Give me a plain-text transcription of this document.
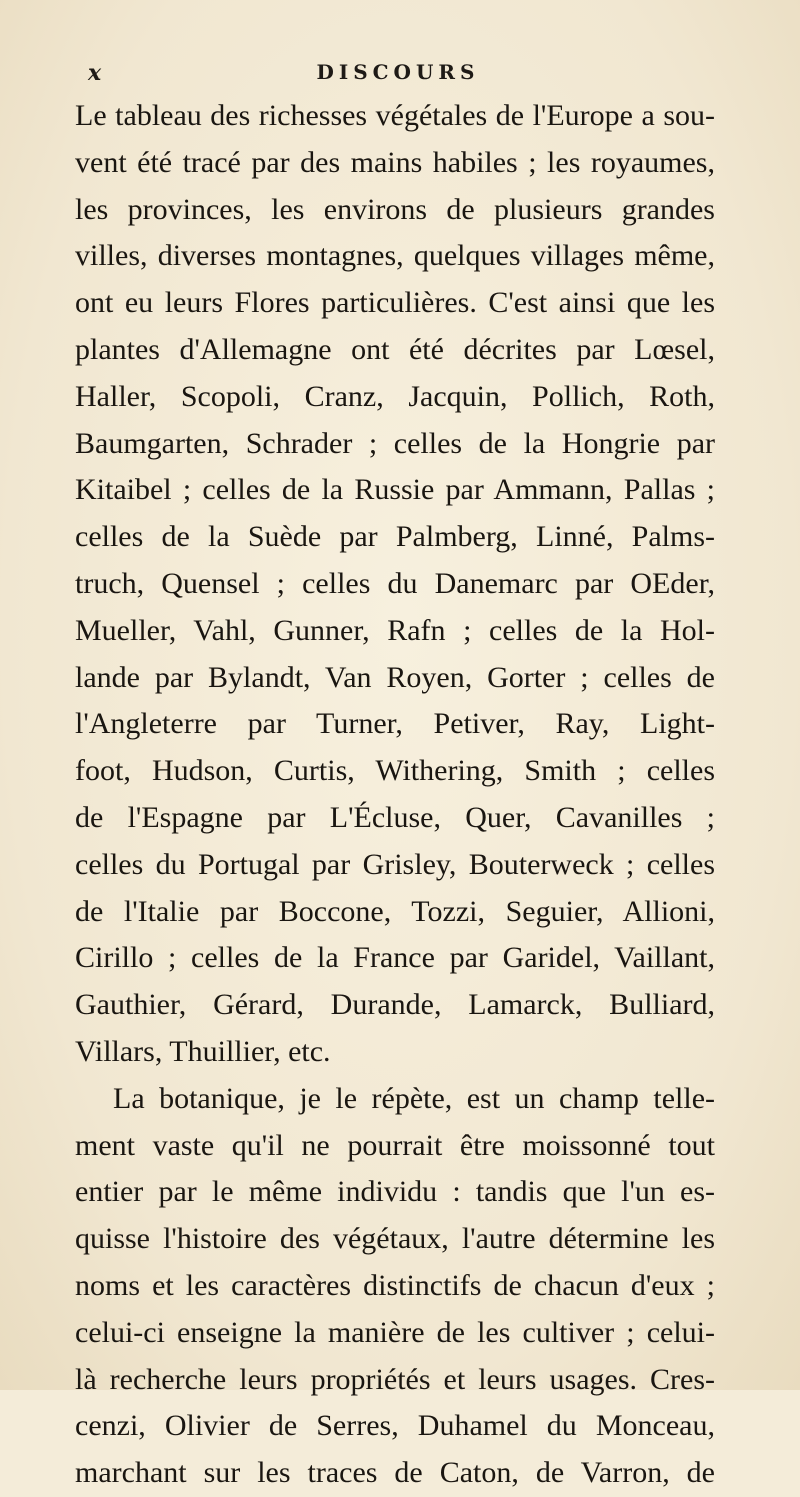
x	DISCOURS
Le tableau des richesses végétales de l'Europe a sou-
vent été tracé par des mains habiles ; les royaumes,
les provinces, les environs de plusieurs grandes
villes, diverses montagnes, quelques villages même,
ont eu leurs Flores particulières. C'est ainsi que les
plantes d'Allemagne ont été décrites par Lœsel,
Haller, Scopoli, Cranz, Jacquin, Pollich, Roth,
Baumgarten, Schrader ; celles de la Hongrie par
Kitaibel ; celles de la Russie par Ammann, Pallas ;
celles de la Suède par Palmberg, Linné, Palms-
truch, Quensel ; celles du Danemarc par OEder,
Mueller, Vahl, Gunner, Rafn ; celles de la Hol-
lande par Bylandt, Van Royen, Gorter ; celles de
l'Angleterre par Turner, Petiver, Ray, Light-
foot, Hudson, Curtis, Withering, Smith ; celles
de l'Espagne par L'Écluse, Quer, Cavanilles ;
celles du Portugal par Grisley, Bouterweck ; celles
de l'Italie par Boccone, Tozzi, Seguier, Allioni,
Cirillo ; celles de la France par Garidel, Vaillant,
Gauthier, Gérard, Durande, Lamarck, Bulliard,
Villars, Thuillier, etc.
La botanique, je le répète, est un champ telle-
ment vaste qu'il ne pourrait être moissonné tout
entier par le même individu : tandis que l'un es-
quisse l'histoire des végétaux, l'autre détermine les
noms et les caractères distinctifs de chacun d'eux ;
celui-ci enseigne la manière de les cultiver ; celui-
là recherche leurs propriétés et leurs usages. Cres-
cenzi, Olivier de Serres, Duhamel du Monceau,
marchant sur les traces de Caton, de Varron, de
